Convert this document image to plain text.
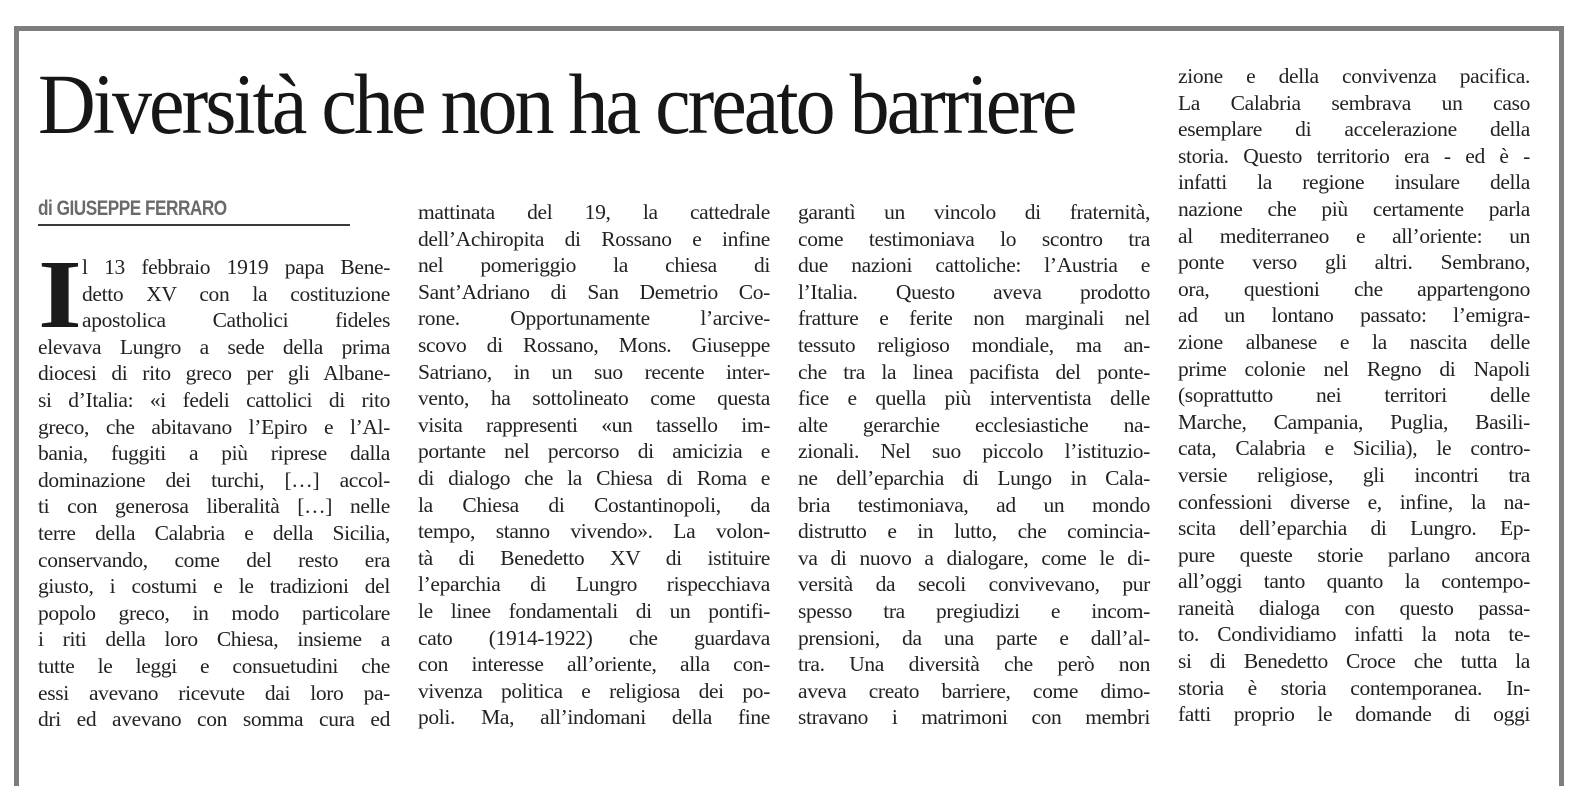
Diversità che non ha creato barriere
di GIUSEPPE FERRARO
I l 13 febbraio 1919 papa Bene-
detto XV con la costituzione
apostolica Catholici fideles
elevava Lungro a sede della prima
diocesi di rito greco per gli Albane-
si d’Italia: «i fedeli cattolici di rito
greco, che abitavano l’Epiro e l’Al-
bania, fuggiti a più riprese dalla
dominazione dei turchi, […] accol-
ti con generosa liberalità […] nelle
terre della Calabria e della Sicilia,
conservando, come del resto era
giusto, i costumi e le tradizioni del
popolo greco, in modo particolare
i riti della loro Chiesa, insieme a
tutte le leggi e consuetudini che
essi avevano ricevute dai loro pa-
dri ed avevano con somma cura ed
mattinata del 19, la cattedrale
dell’Achiropita di Rossano e infine
nel pomeriggio la chiesa di
Sant’Adriano di San Demetrio Co-
rone. Opportunamente l’arcive-
scovo di Rossano, Mons. Giuseppe
Satriano, in un suo recente inter-
vento, ha sottolineato come questa
visita rappresenti «un tassello im-
portante nel percorso di amicizia e
di dialogo che la Chiesa di Roma e
la Chiesa di Costantinopoli, da
tempo, stanno vivendo». La volon-
tà di Benedetto XV di istituire
l’eparchia di Lungro rispecchiava
le linee fondamentali di un pontifi-
cato (1914-1922) che guardava
con interesse all’oriente, alla con-
vivenza politica e religiosa dei po-
poli. Ma, all’indomani della fine
garantì un vincolo di fraternità,
come testimoniava lo scontro tra
due nazioni cattoliche: l’Austria e
l’Italia. Questo aveva prodotto
fratture e ferite non marginali nel
tessuto religioso mondiale, ma an-
che tra la linea pacifista del ponte-
fice e quella più interventista delle
alte gerarchie ecclesiastiche na-
zionali. Nel suo piccolo l’istituzio-
ne dell’eparchia di Lungo in Cala-
bria testimoniava, ad un mondo
distrutto e in lutto, che comincia-
va di nuovo a dialogare, come le di-
versità da secoli convivevano, pur
spesso tra pregiudizi e incom-
prensioni, da una parte e dall’al-
tra. Una diversità che però non
aveva creato barriere, come dimo-
stravano i matrimoni con membri
zione e della convivenza pacifica.
La Calabria sembrava un caso
esemplare di accelerazione della
storia. Questo territorio era - ed è -
infatti la regione insulare della
nazione che più certamente parla
al mediterraneo e all’oriente: un
ponte verso gli altri. Sembrano,
ora, questioni che appartengono
ad un lontano passato: l’emigra-
zione albanese e la nascita delle
prime colonie nel Regno di Napoli
(soprattutto nei territori delle
Marche, Campania, Puglia, Basili-
cata, Calabria e Sicilia), le contro-
versie religiose, gli incontri tra
confessioni diverse e, infine, la na-
scita dell’eparchia di Lungro. Ep-
pure queste storie parlano ancora
all’oggi tanto quanto la contempo-
raneità dialoga con questo passa-
to. Condividiamo infatti la nota te-
si di Benedetto Croce che tutta la
storia è storia contemporanea. In-
fatti proprio le domande di oggi
